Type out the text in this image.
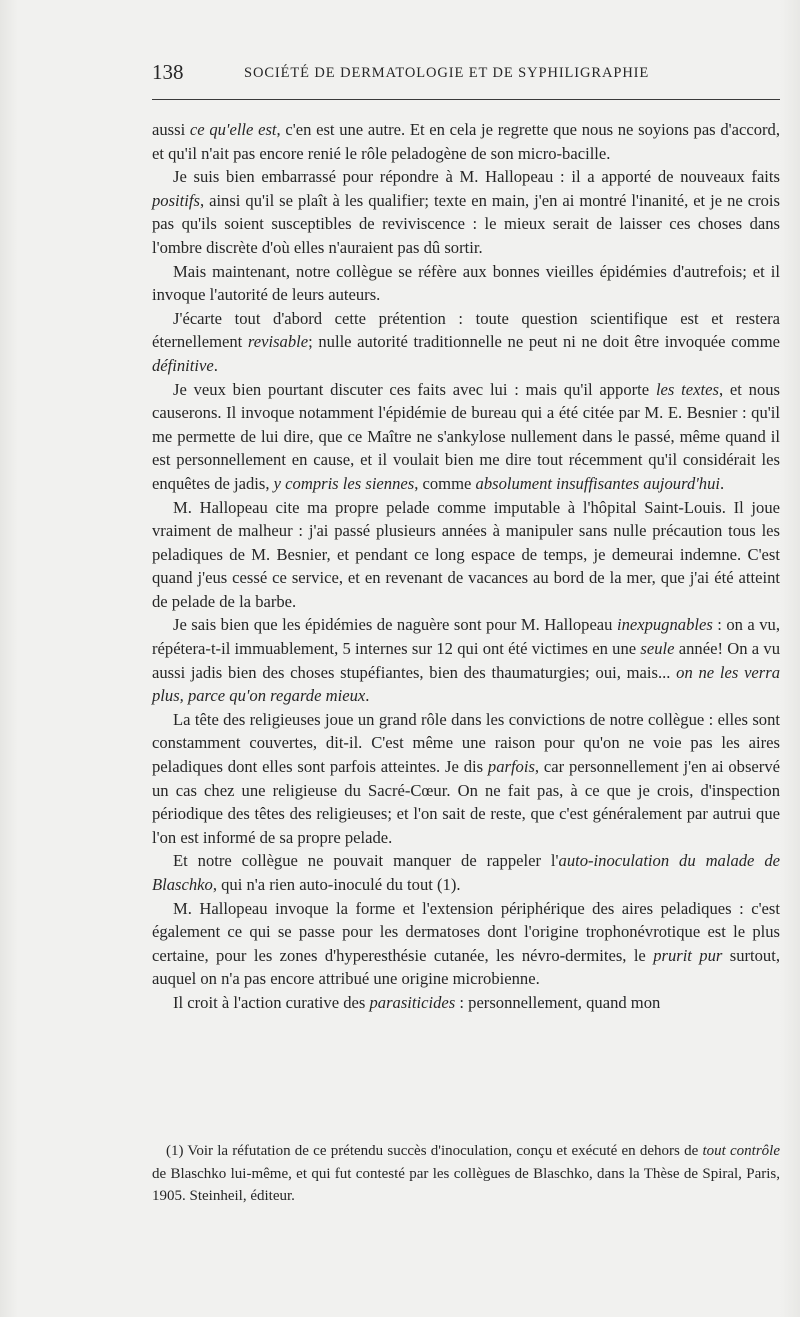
138	SOCIÉTÉ DE DERMATOLOGIE ET DE SYPHILIGRAPHIE

aussi ce qu'elle est, c'en est une autre. Et en cela je regrette que nous ne soyions pas d'accord, et qu'il n'ait pas encore renié le rôle peladogène de son micro-bacille.

Je suis bien embarrassé pour répondre à M. Hallopeau : il a apporté de nouveaux faits positifs, ainsi qu'il se plaît à les qualifier; texte en main, j'en ai montré l'inanité, et je ne crois pas qu'ils soient susceptibles de reviviscence : le mieux serait de laisser ces choses dans l'ombre discrète d'où elles n'auraient pas dû sortir.

Mais maintenant, notre collègue se réfère aux bonnes vieilles épidémies d'autrefois; et il invoque l'autorité de leurs auteurs.

J'écarte tout d'abord cette prétention : toute question scientifique est et restera éternellement revisable; nulle autorité traditionnelle ne peut ni ne doit être invoquée comme définitive.

Je veux bien pourtant discuter ces faits avec lui : mais qu'il apporte les textes, et nous causerons. Il invoque notamment l'épidémie de bureau qui a été citée par M. E. Besnier : qu'il me permette de lui dire, que ce Maître ne s'ankylose nullement dans le passé, même quand il est personnellement en cause, et il voulait bien me dire tout récemment qu'il considérait les enquêtes de jadis, y compris les siennes, comme absolument insuffisantes aujourd'hui.

M. Hallopeau cite ma propre pelade comme imputable à l'hôpital Saint-Louis. Il joue vraiment de malheur : j'ai passé plusieurs années à manipuler sans nulle précaution tous les peladiques de M. Besnier, et pendant ce long espace de temps, je demeurai indemne. C'est quand j'eus cessé ce service, et en revenant de vacances au bord de la mer, que j'ai été atteint de pelade de la barbe.

Je sais bien que les épidémies de naguère sont pour M. Hallopeau inexpugnables : on a vu, répétera-t-il immuablement, 5 internes sur 12 qui ont été victimes en une seule année! On a vu aussi jadis bien des choses stupéfiantes, bien des thaumaturgies; oui, mais... on ne les verra plus, parce qu'on regarde mieux.

La tête des religieuses joue un grand rôle dans les convictions de notre collègue : elles sont constamment couvertes, dit-il. C'est même une raison pour qu'on ne voie pas les aires peladiques dont elles sont parfois atteintes. Je dis parfois, car personnellement j'en ai observé un cas chez une religieuse du Sacré-Cœur. On ne fait pas, à ce que je crois, d'inspection périodique des têtes des religieuses; et l'on sait de reste, que c'est généralement par autrui que l'on est informé de sa propre pelade.

Et notre collègue ne pouvait manquer de rappeler l'auto-inoculation du malade de Blaschko, qui n'a rien auto-inoculé du tout (1).

M. Hallopeau invoque la forme et l'extension périphérique des aires peladiques : c'est également ce qui se passe pour les dermatoses dont l'origine trophonévrotique est le plus certaine, pour les zones d'hyperesthésie cutanée, les névro-dermites, le prurit pur surtout, auquel on n'a pas encore attribué une origine microbienne.

Il croit à l'action curative des parasiticides : personnellement, quand mon

(1) Voir la réfutation de ce prétendu succès d'inoculation, conçu et exécuté en dehors de tout contrôle de Blaschko lui-même, et qui fut contesté par les collègues de Blaschko, dans la Thèse de Spiral, Paris, 1905. Steinheil, éditeur.
